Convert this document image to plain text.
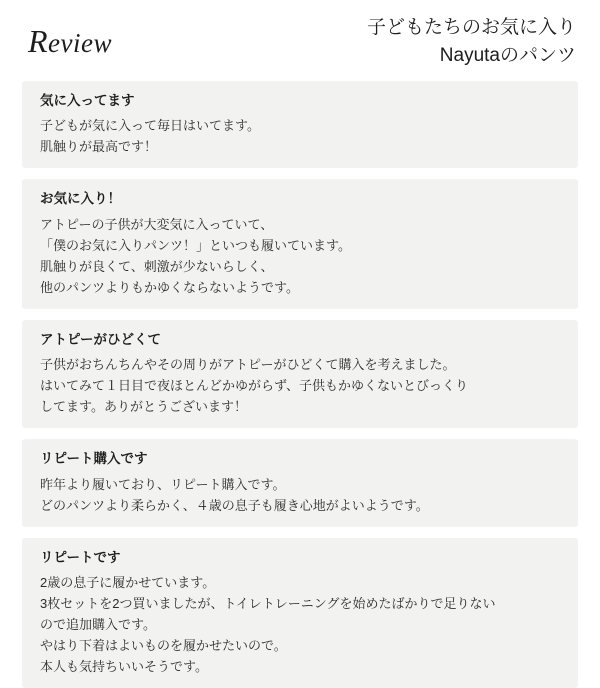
Review
子どもたちのお気に入り
Nayutaのパンツ
気に入ってます

子どもが気に入って毎日はいてます。

肌触りが最高です！

お気に入り！

アトピーの子供が大変気に入っていて、

「僕のお気に入りパンツ！」といつも履いています。

肌触りが良くて、刺激が少ないらしく、

他のパンツよりもかゆくならないようです。

アトピーがひどくて

子供がおちんちんやその周りがアトピーがひどくて購入を考えました。

はいてみて１日目で夜ほとんどかゆがらず、子供もかゆくないとびっくり

してます。ありがとうございます！

リピート購入です

昨年より履いており、リピート購入です。

どのパンツより柔らかく、４歳の息子も履き心地がよいようです。

リピートです

2歳の息子に履かせています。

3枚セットを2つ買いましたが、トイレトレーニングを始めたばかりで足りない

ので追加購入です。

やはり下着はよいものを履かせたいので。

本人も気持ちいいそうです。
